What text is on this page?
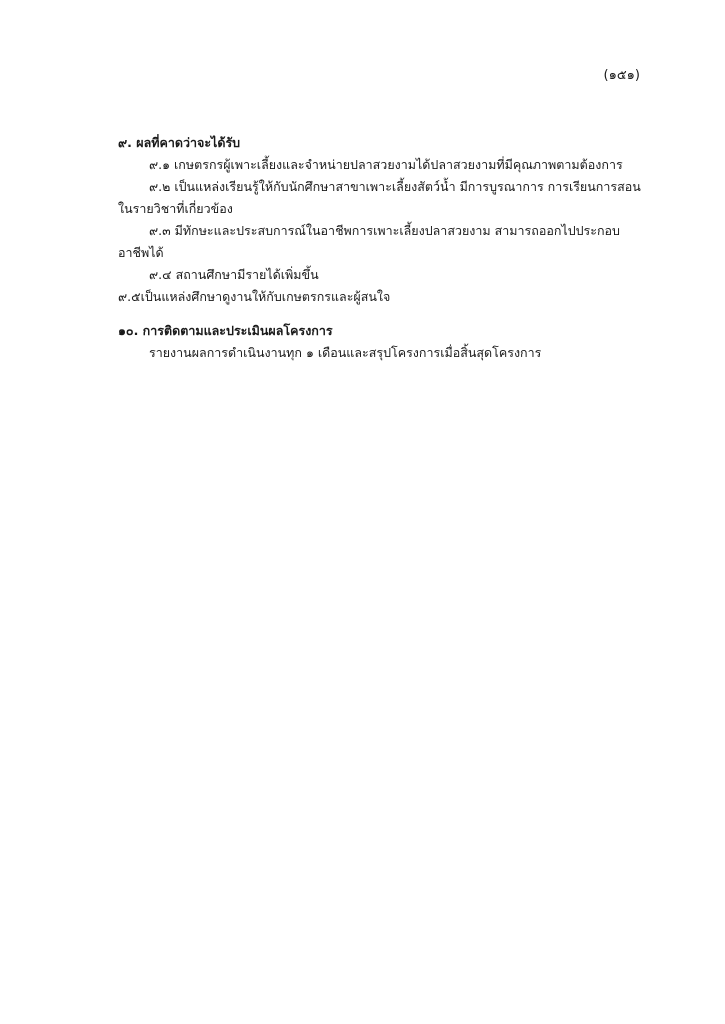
(๑๕๑)
๙. ผลที่คาดว่าจะได้รับ
๙.๑ เกษตรกรผู้เพาะเลี้ยงและจำหน่ายปลาสวยงามได้ปลาสวยงามที่มีคุณภาพตามต้องการ
๙.๒ เป็นแหล่งเรียนรู้ให้กับนักศึกษาสาขาเพาะเลี้ยงสัตว์น้ำ มีการบูรณาการ การเรียนการสอน
ในรายวิชาที่เกี่ยวข้อง
๙.๓ มีทักษะและประสบการณ์ในอาชีพการเพาะเลี้ยงปลาสวยงาม สามารถออกไปประกอบ
อาชีพได้
๙.๔ สถานศึกษามีรายได้เพิ่มขึ้น
๙.๕เป็นแหล่งศึกษาดูงานให้กับเกษตรกรและผู้สนใจ
๑๐. การติดตามและประเมินผลโครงการ
รายงานผลการดำเนินงานทุก ๑ เดือนและสรุปโครงการเมื่อสิ้นสุดโครงการ
